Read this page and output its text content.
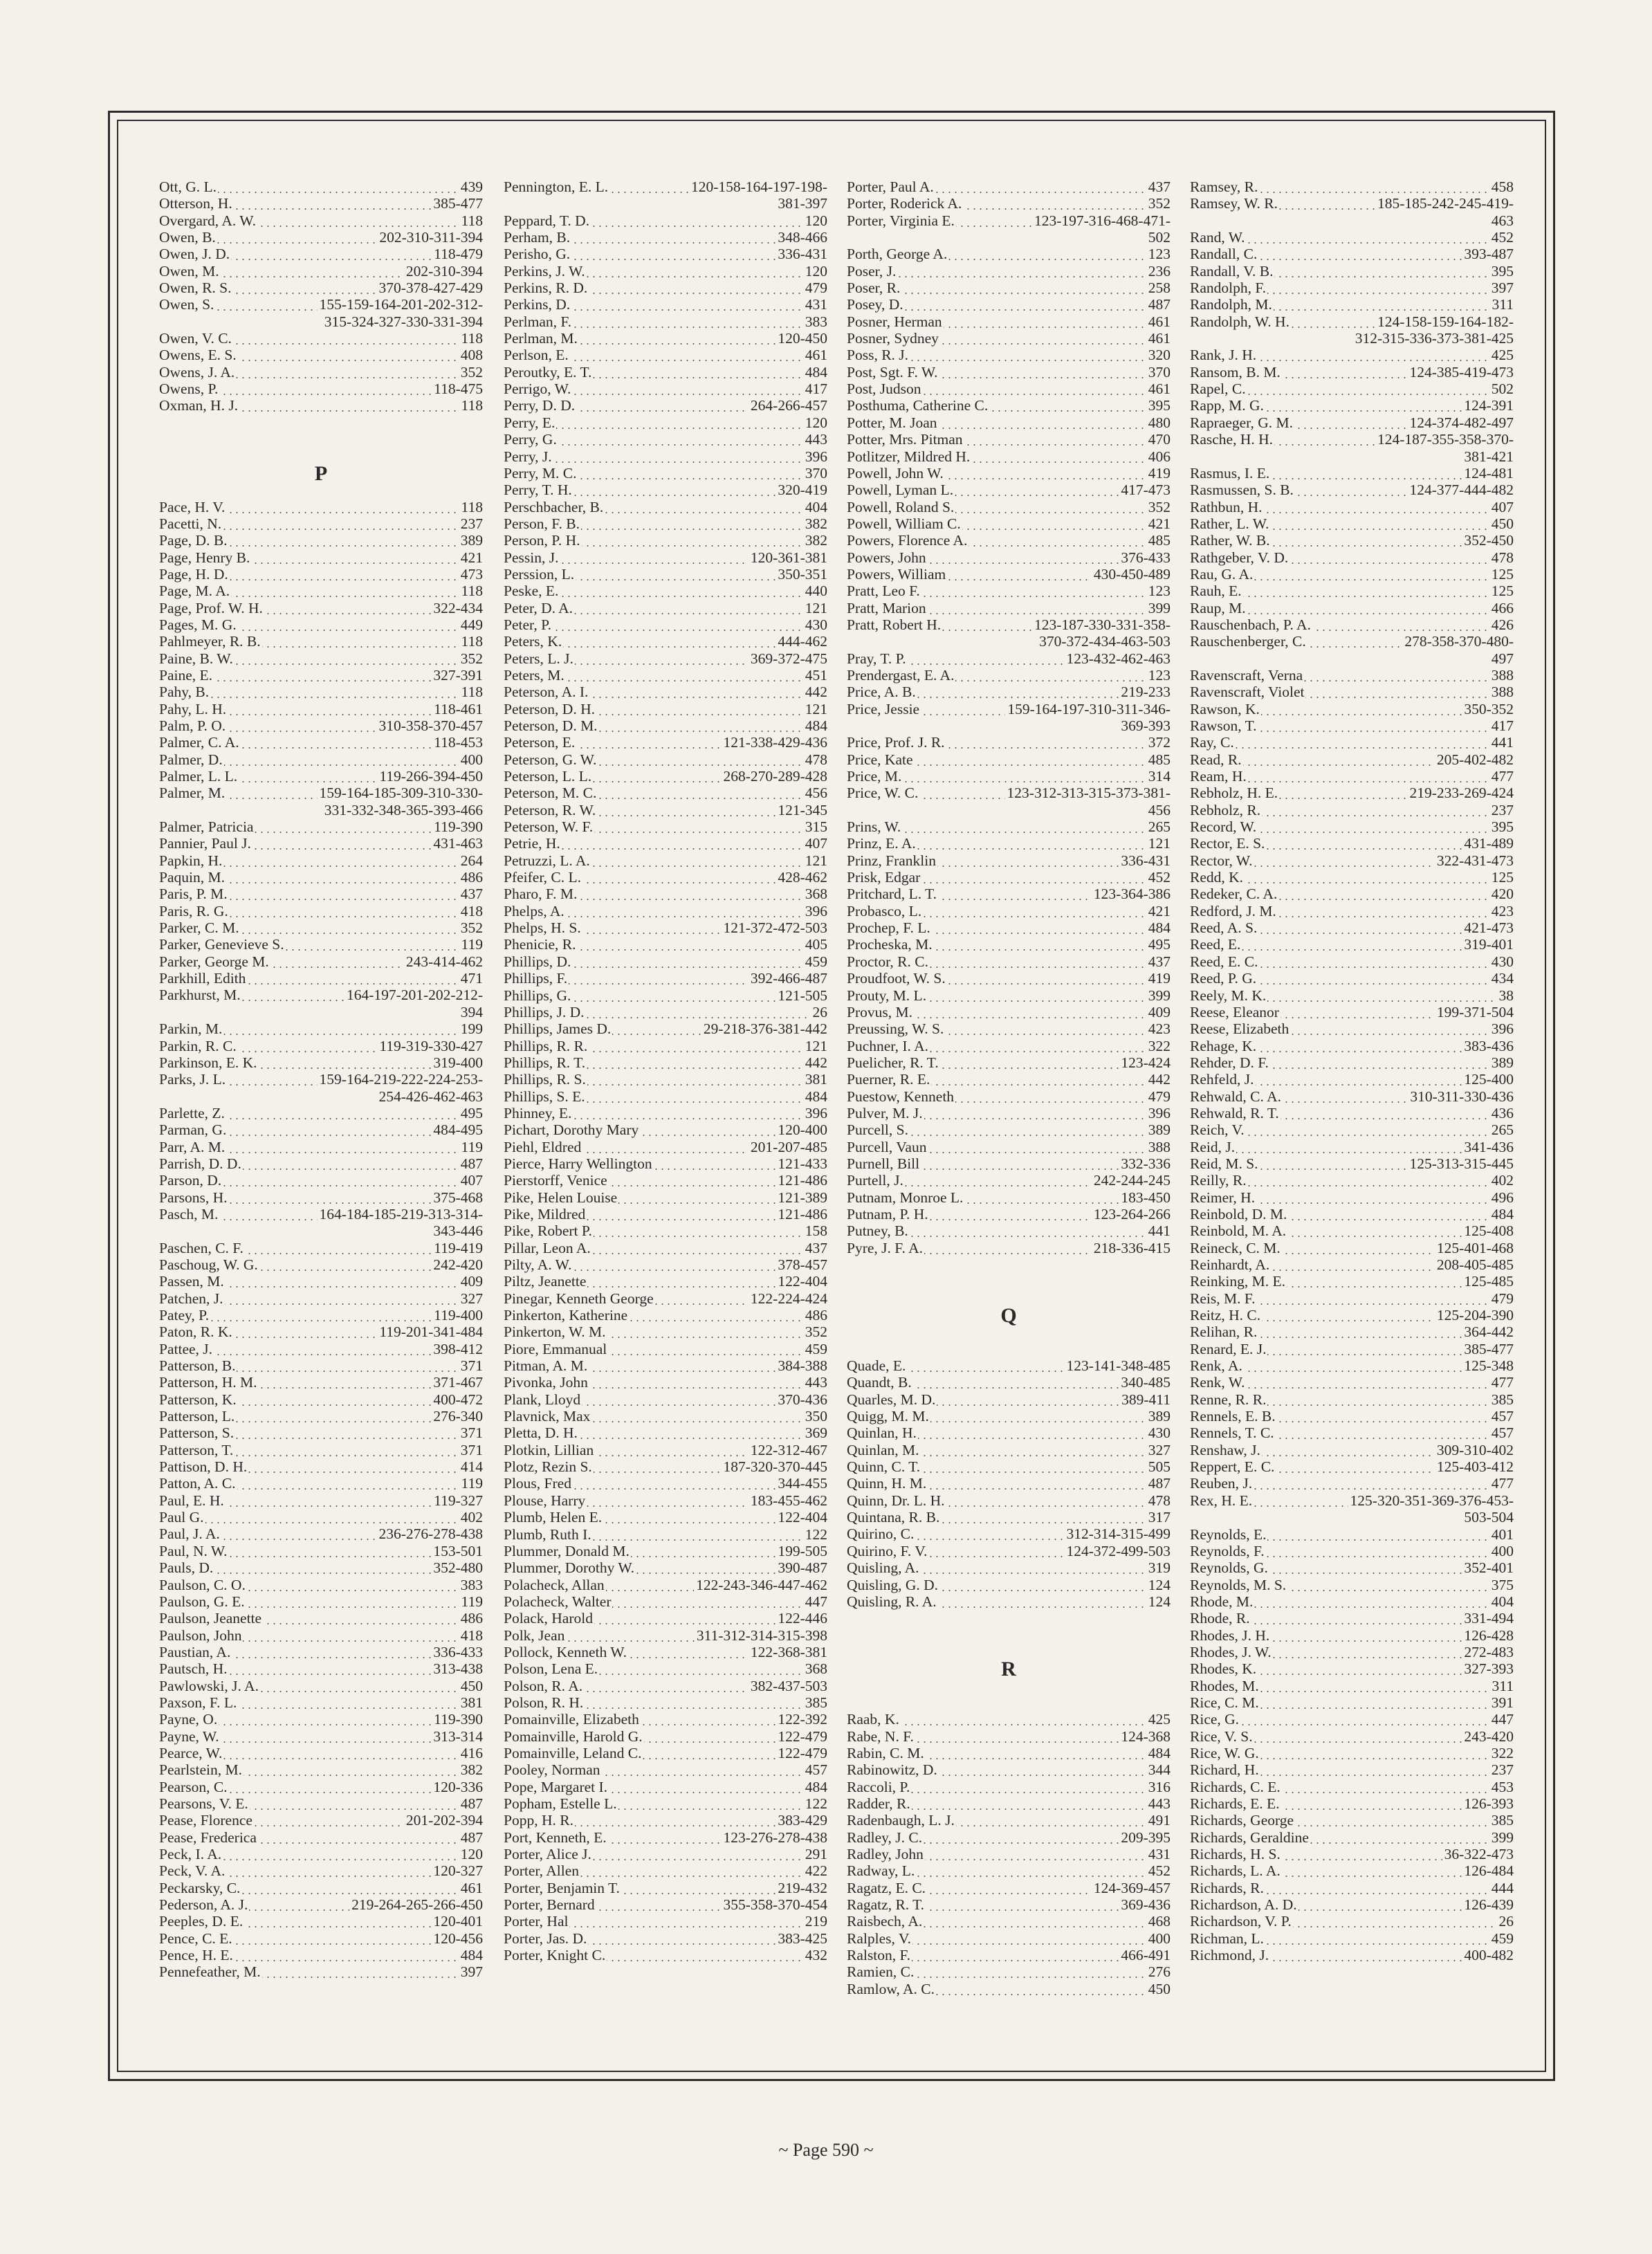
439
Ott, G. L.
385-477
Otterson, H.
118
Overgard, A. W.
202-310-311-394
Owen, B.
118-479
Owen, J. D.
202-310-394
Owen, M.
370-378-427-429
Owen, R. S.
155-159-164-201-202-312-
Owen, S.
315-324-327-330-331-394
118
Owen, V. C.
408
Owens, E. S.
352
Owens, J. A.
118-475
Owens, P.
118
Oxman, H. J.
P
118
Pace, H. V.
237
Pacetti, N.
389
Page, D. B.
421
Page, Henry B.
473
Page, H. D.
118
Page, M. A.
322-434
Page, Prof. W. H.
449
Pages, M. G.
118
Pahlmeyer, R. B.
352
Paine, B. W.
327-391
Paine, E.
118
Pahy, B.
118-461
Pahy, L. H.
310-358-370-457
Palm, P. O.
118-453
Palmer, C. A.
400
Palmer, D.
119-266-394-450
Palmer, L. L.
159-164-185-309-310-330-
Palmer, M.
331-332-348-365-393-466
119-390
Palmer, Patricia
431-463
Pannier, Paul J.
264
Papkin, H.
486
Paquin, M.
437
Paris, P. M.
418
Paris, R. G.
352
Parker, C. M.
119
Parker, Genevieve S.
243-414-462
Parker, George M.
471
Parkhill, Edith
164-197-201-202-212-
Parkhurst, M.
394
199
Parkin, M.
119-319-330-427
Parkin, R. C.
319-400
Parkinson, E. K.
159-164-219-222-224-253-
Parks, J. L.
254-426-462-463
495
Parlette, Z.
484-495
Parman, G.
119
Parr, A. M.
487
Parrish, D. D.
407
Parson, D.
375-468
Parsons, H.
164-184-185-219-313-314-
Pasch, M.
343-446
119-419
Paschen, C. F.
242-420
Paschoug, W. G.
409
Passen, M.
327
Patchen, J.
119-400
Patey, P.
119-201-341-484
Paton, R. K.
398-412
Pattee, J.
371
Patterson, B.
371-467
Patterson, H. M.
400-472
Patterson, K.
276-340
Patterson, L.
371
Patterson, S.
371
Patterson, T.
414
Pattison, D. H.
119
Patton, A. C.
119-327
Paul, E. H.
402
Paul G.
236-276-278-438
Paul, J. A.
153-501
Paul, N. W.
352-480
Pauls, D.
383
Paulson, C. O.
119
Paulson, G. E.
486
Paulson, Jeanette
418
Paulson, John
336-433
Paustian, A.
313-438
Pautsch, H.
450
Pawlowski, J. A.
381
Paxson, F. L.
119-390
Payne, O.
313-314
Payne, W.
416
Pearce, W.
382
Pearlstein, M.
120-336
Pearson, C.
487
Pearsons, V. E.
201-202-394
Pease, Florence
487
Pease, Frederica
120
Peck, I. A.
120-327
Peck, V. A.
461
Peckarsky, C.
219-264-265-266-450
Pederson, A. J.
120-401
Peeples, D. E.
120-456
Pence, C. E.
484
Pence, H. E.
397
Pennefeather, M.
120-158-164-197-198-
Pennington, E. L.
381-397
120
Peppard, T. D.
348-466
Perham, B.
336-431
Perisho, G.
120
Perkins, J. W.
479
Perkins, R. D.
431
Perkins, D.
383
Perlman, F.
120-450
Perlman, M.
461
Perlson, E.
484
Peroutky, E. T.
417
Perrigo, W.
264-266-457
Perry, D. D.
120
Perry, E.
443
Perry, G.
396
Perry, J.
370
Perry, M. C.
320-419
Perry, T. H.
404
Perschbacher, B.
382
Person, F. B.
382
Person, P. H.
120-361-381
Pessin, J.
350-351
Perssion, L.
440
Peske, E.
121
Peter, D. A.
430
Peter, P.
444-462
Peters, K.
369-372-475
Peters, L. J.
451
Peters, M.
442
Peterson, A. I.
121
Peterson, D. H.
484
Peterson, D. M.
121-338-429-436
Peterson, E.
478
Peterson, G. W.
268-270-289-428
Peterson, L. L.
456
Peterson, M. C.
121-345
Peterson, R. W.
315
Peterson, W. F.
407
Petrie, H.
121
Petruzzi, L. A.
428-462
Pfeifer, C. L.
368
Pharo, F. M.
396
Phelps, A.
121-372-472-503
Phelps, H. S.
405
Phenicie, R.
459
Phillips, D.
392-466-487
Phillips, F.
121-505
Phillips, G.
26
Phillips, J. D.
29-218-376-381-442
Phillips, James D.
121
Phillips, R. R.
442
Phillips, R. T.
381
Phillips, R. S.
484
Phillips, S. E.
396
Phinney, E.
120-400
Pichart, Dorothy Mary
201-207-485
Piehl, Eldred
121-433
Pierce, Harry Wellington
121-486
Pierstorff, Venice
121-389
Pike, Helen Louise
121-486
Pike, Mildred
158
Pike, Robert P.
437
Pillar, Leon A.
378-457
Pilty, A. W.
122-404
Piltz, Jeanette
122-224-424
Pinegar, Kenneth George
486
Pinkerton, Katherine
352
Pinkerton, W. M.
459
Piore, Emmanual
384-388
Pitman, A. M.
443
Pivonka, John
370-436
Plank, Lloyd
350
Plavnick, Max
369
Pletta, D. H.
122-312-467
Plotkin, Lillian
187-320-370-445
Plotz, Rezin S.
344-455
Plous, Fred
183-455-462
Plouse, Harry
122-404
Plumb, Helen E.
122
Plumb, Ruth I.
199-505
Plummer, Donald M.
390-487
Plummer, Dorothy W.
122-243-346-447-462
Polacheck, Allan
447
Polacheck, Walter
122-446
Polack, Harold
311-312-314-315-398
Polk, Jean
122-368-381
Pollock, Kenneth W.
368
Polson, Lena E.
382-437-503
Polson, R. A.
385
Polson, R. H.
122-392
Pomainville, Elizabeth
122-479
Pomainville, Harold G.
122-479
Pomainville, Leland C.
457
Pooley, Norman
484
Pope, Margaret I.
122
Popham, Estelle L.
383-429
Popp, H. R.
123-276-278-438
Port, Kenneth, E.
291
Porter, Alice J.
422
Porter, Allen
219-432
Porter, Benjamin T.
355-358-370-454
Porter, Bernard
219
Porter, Hal
383-425
Porter, Jas. D.
432
Porter, Knight C.
437
Porter, Paul A.
352
Porter, Roderick A.
123-197-316-468-471-
Porter, Virginia E.
502
123
Porth, George A.
236
Poser, J.
258
Poser, R.
487
Posey, D.
461
Posner, Herman
461
Posner, Sydney
320
Poss, R. J.
370
Post, Sgt. F. W.
461
Post, Judson
395
Posthuma, Catherine C.
480
Potter, M. Joan
470
Potter, Mrs. Pitman
406
Potlitzer, Mildred H.
419
Powell, John W.
417-473
Powell, Lyman L.
352
Powell, Roland S.
421
Powell, William C.
485
Powers, Florence A.
376-433
Powers, John
430-450-489
Powers, William
123
Pratt, Leo F.
399
Pratt, Marion
123-187-330-331-358-
Pratt, Robert H.
370-372-434-463-503
123-432-462-463
Pray, T. P.
123
Prendergast, E. A.
219-233
Price, A. B.
159-164-197-310-311-346-
Price, Jessie
369-393
372
Price, Prof. J. R.
485
Price, Kate
314
Price, M.
123-312-313-315-373-381-
Price, W. C.
456
265
Prins, W.
121
Prinz, E. A.
336-431
Prinz, Franklin
452
Prisk, Edgar
123-364-386
Pritchard, L. T.
421
Probasco, L.
484
Prochep, F. L.
495
Procheska, M.
437
Proctor, R. C.
419
Proudfoot, W. S.
399
Prouty, M. L.
409
Provus, M.
423
Preussing, W. S.
322
Puchner, I. A.
123-424
Puelicher, R. T.
442
Puerner, R. E.
479
Puestow, Kenneth
396
Pulver, M. J.
389
Purcell, S.
388
Purcell, Vaun
332-336
Purnell, Bill
242-244-245
Purtell, J.
183-450
Putnam, Monroe L.
123-264-266
Putnam, P. H.
441
Putney, B.
218-336-415
Pyre, J. F. A.
Q
123-141-348-485
Quade, E.
340-485
Quandt, B.
389-411
Quarles, M. D.
389
Quigg, M. M.
430
Quinlan, H.
327
Quinlan, M.
505
Quinn, C. T.
487
Quinn, H. M.
478
Quinn, Dr. L. H.
317
Quintana, R. B.
312-314-315-499
Quirino, C.
124-372-499-503
Quirino, F. V.
319
Quisling, A.
124
Quisling, G. D.
124
Quisling, R. A.
R
425
Raab, K.
124-368
Rabe, N. F.
484
Rabin, C. M.
344
Rabinowitz, D.
316
Raccoli, P.
443
Radder, R.
491
Radenbaugh, L. J.
209-395
Radley, J. C.
431
Radley, John
452
Radway, L.
124-369-457
Ragatz, E. C.
369-436
Ragatz, R. T.
468
Raisbech, A.
400
Ralples, V.
466-491
Ralston, F.
276
Ramien, C.
450
Ramlow, A. C.
458
Ramsey, R.
185-185-242-245-419-
Ramsey, W. R.
463
452
Rand, W.
393-487
Randall, C.
395
Randall, V. B.
397
Randolph, F.
311
Randolph, M.
124-158-159-164-182-
Randolph, W. H.
312-315-336-373-381-425
425
Rank, J. H.
124-385-419-473
Ransom, B. M.
502
Rapel, C.
124-391
Rapp, M. G.
124-374-482-497
Rapraeger, G. M.
124-187-355-358-370-
Rasche, H. H.
381-421
124-481
Rasmus, I. E.
124-377-444-482
Rasmussen, S. B.
407
Rathbun, H.
450
Rather, L. W.
352-450
Rather, W. B.
478
Rathgeber, V. D.
125
Rau, G. A.
125
Rauh, E.
466
Raup, M.
426
Rauschenbach, P. A.
278-358-370-480-
Rauschenberger, C.
497
388
Ravenscraft, Verna
388
Ravenscraft, Violet
350-352
Rawson, K.
417
Rawson, T.
441
Ray, C.
205-402-482
Read, R.
477
Ream, H.
219-233-269-424
Rebholz, H. E.
237
Rebholz, R.
395
Record, W.
431-489
Rector, E. S.
322-431-473
Rector, W.
125
Redd, K.
420
Redeker, C. A.
423
Redford, J. M.
421-473
Reed, A. S.
319-401
Reed, E.
430
Reed, E. C.
434
Reed, P. G.
38
Reely, M. K.
199-371-504
Reese, Eleanor
396
Reese, Elizabeth
383-436
Rehage, K.
389
Rehder, D. F.
125-400
Rehfeld, J.
310-311-330-436
Rehwald, C. A.
436
Rehwald, R. T.
265
Reich, V.
341-436
Reid, J.
125-313-315-445
Reid, M. S.
402
Reilly, R.
496
Reimer, H.
484
Reinbold, D. M.
125-408
Reinbold, M. A.
125-401-468
Reineck, C. M.
208-405-485
Reinhardt, A.
125-485
Reinking, M. E.
479
Reis, M. F.
125-204-390
Reitz, H. C.
364-442
Relihan, R.
385-477
Renard, E. J.
125-348
Renk, A.
477
Renk, W.
385
Renne, R. R.
457
Rennels, E. B.
457
Rennels, T. C.
309-310-402
Renshaw, J.
125-403-412
Reppert, E. C.
477
Reuben, J.
125-320-351-369-376-453-
Rex, H. E.
503-504
401
Reynolds, E.
400
Reynolds, F.
352-401
Reynolds, G.
375
Reynolds, M. S.
404
Rhode, M.
331-494
Rhode, R.
126-428
Rhodes, J. H.
272-483
Rhodes, J. W.
327-393
Rhodes, K.
311
Rhodes, M.
391
Rice, C. M.
447
Rice, G.
243-420
Rice, V. S.
322
Rice, W. G.
237
Richard, H.
453
Richards, C. E.
126-393
Richards, E. E.
385
Richards, George
399
Richards, Geraldine
36-322-473
Richards, H. S.
126-484
Richards, L. A.
444
Richards, R.
126-439
Richardson, A. D.
26
Richardson, V. P.
459
Richman, L.
400-482
Richmond, J.
~ Page 590 ~
